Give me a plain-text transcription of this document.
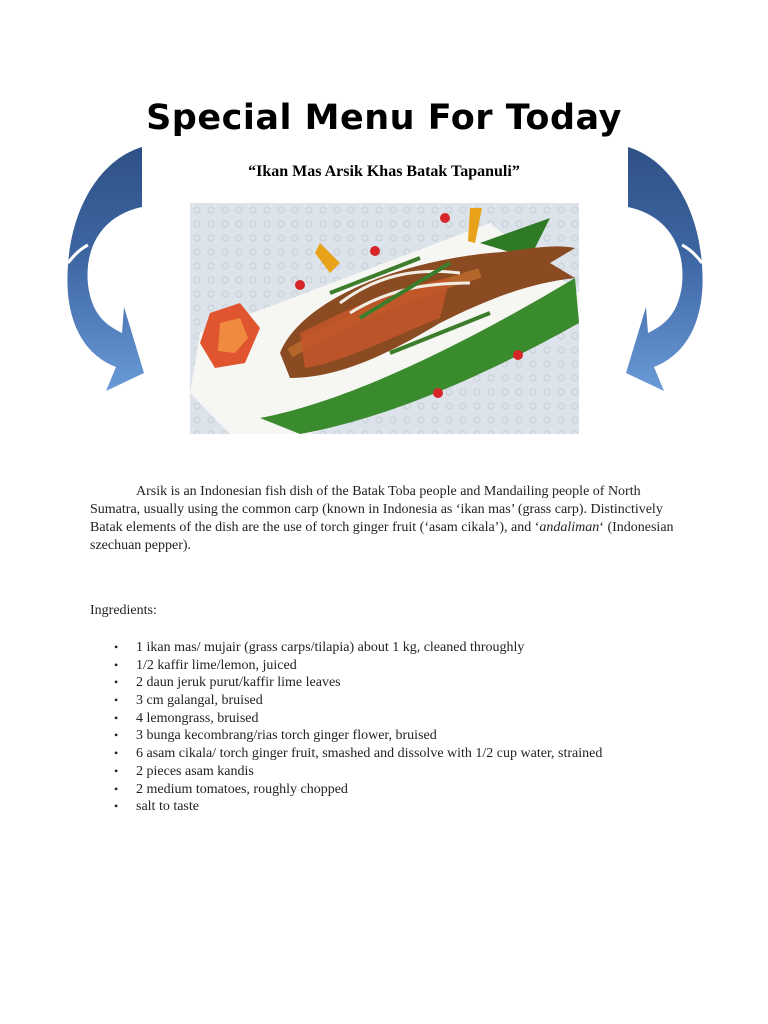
Special Menu For Today
“Ikan Mas Arsik Khas Batak Tapanuli”

Arsik is an Indonesian fish dish of the Batak Toba people and Mandailing people of North Sumatra, usually using the common carp (known in Indonesia as ‘ikan mas’ (grass carp). Distinctively Batak elements of the dish are the use of torch ginger fruit (‘asam cikala’), and ‘andaliman‘ (Indonesian szechuan pepper).

Ingredients:
• 1 ikan mas/ mujair (grass carps/tilapia) about 1 kg, cleaned throughly
• 1/2 kaffir lime/lemon, juiced
• 2 daun jeruk purut/kaffir lime leaves
• 3 cm galangal, bruised
• 4 lemongrass, bruised
• 3 bunga kecombrang/rias torch ginger flower, bruised
• 6 asam cikala/ torch ginger fruit, smashed and dissolve with 1/2 cup water, strained
• 2 pieces asam kandis
• 2 medium tomatoes, roughly chopped
• salt to taste
